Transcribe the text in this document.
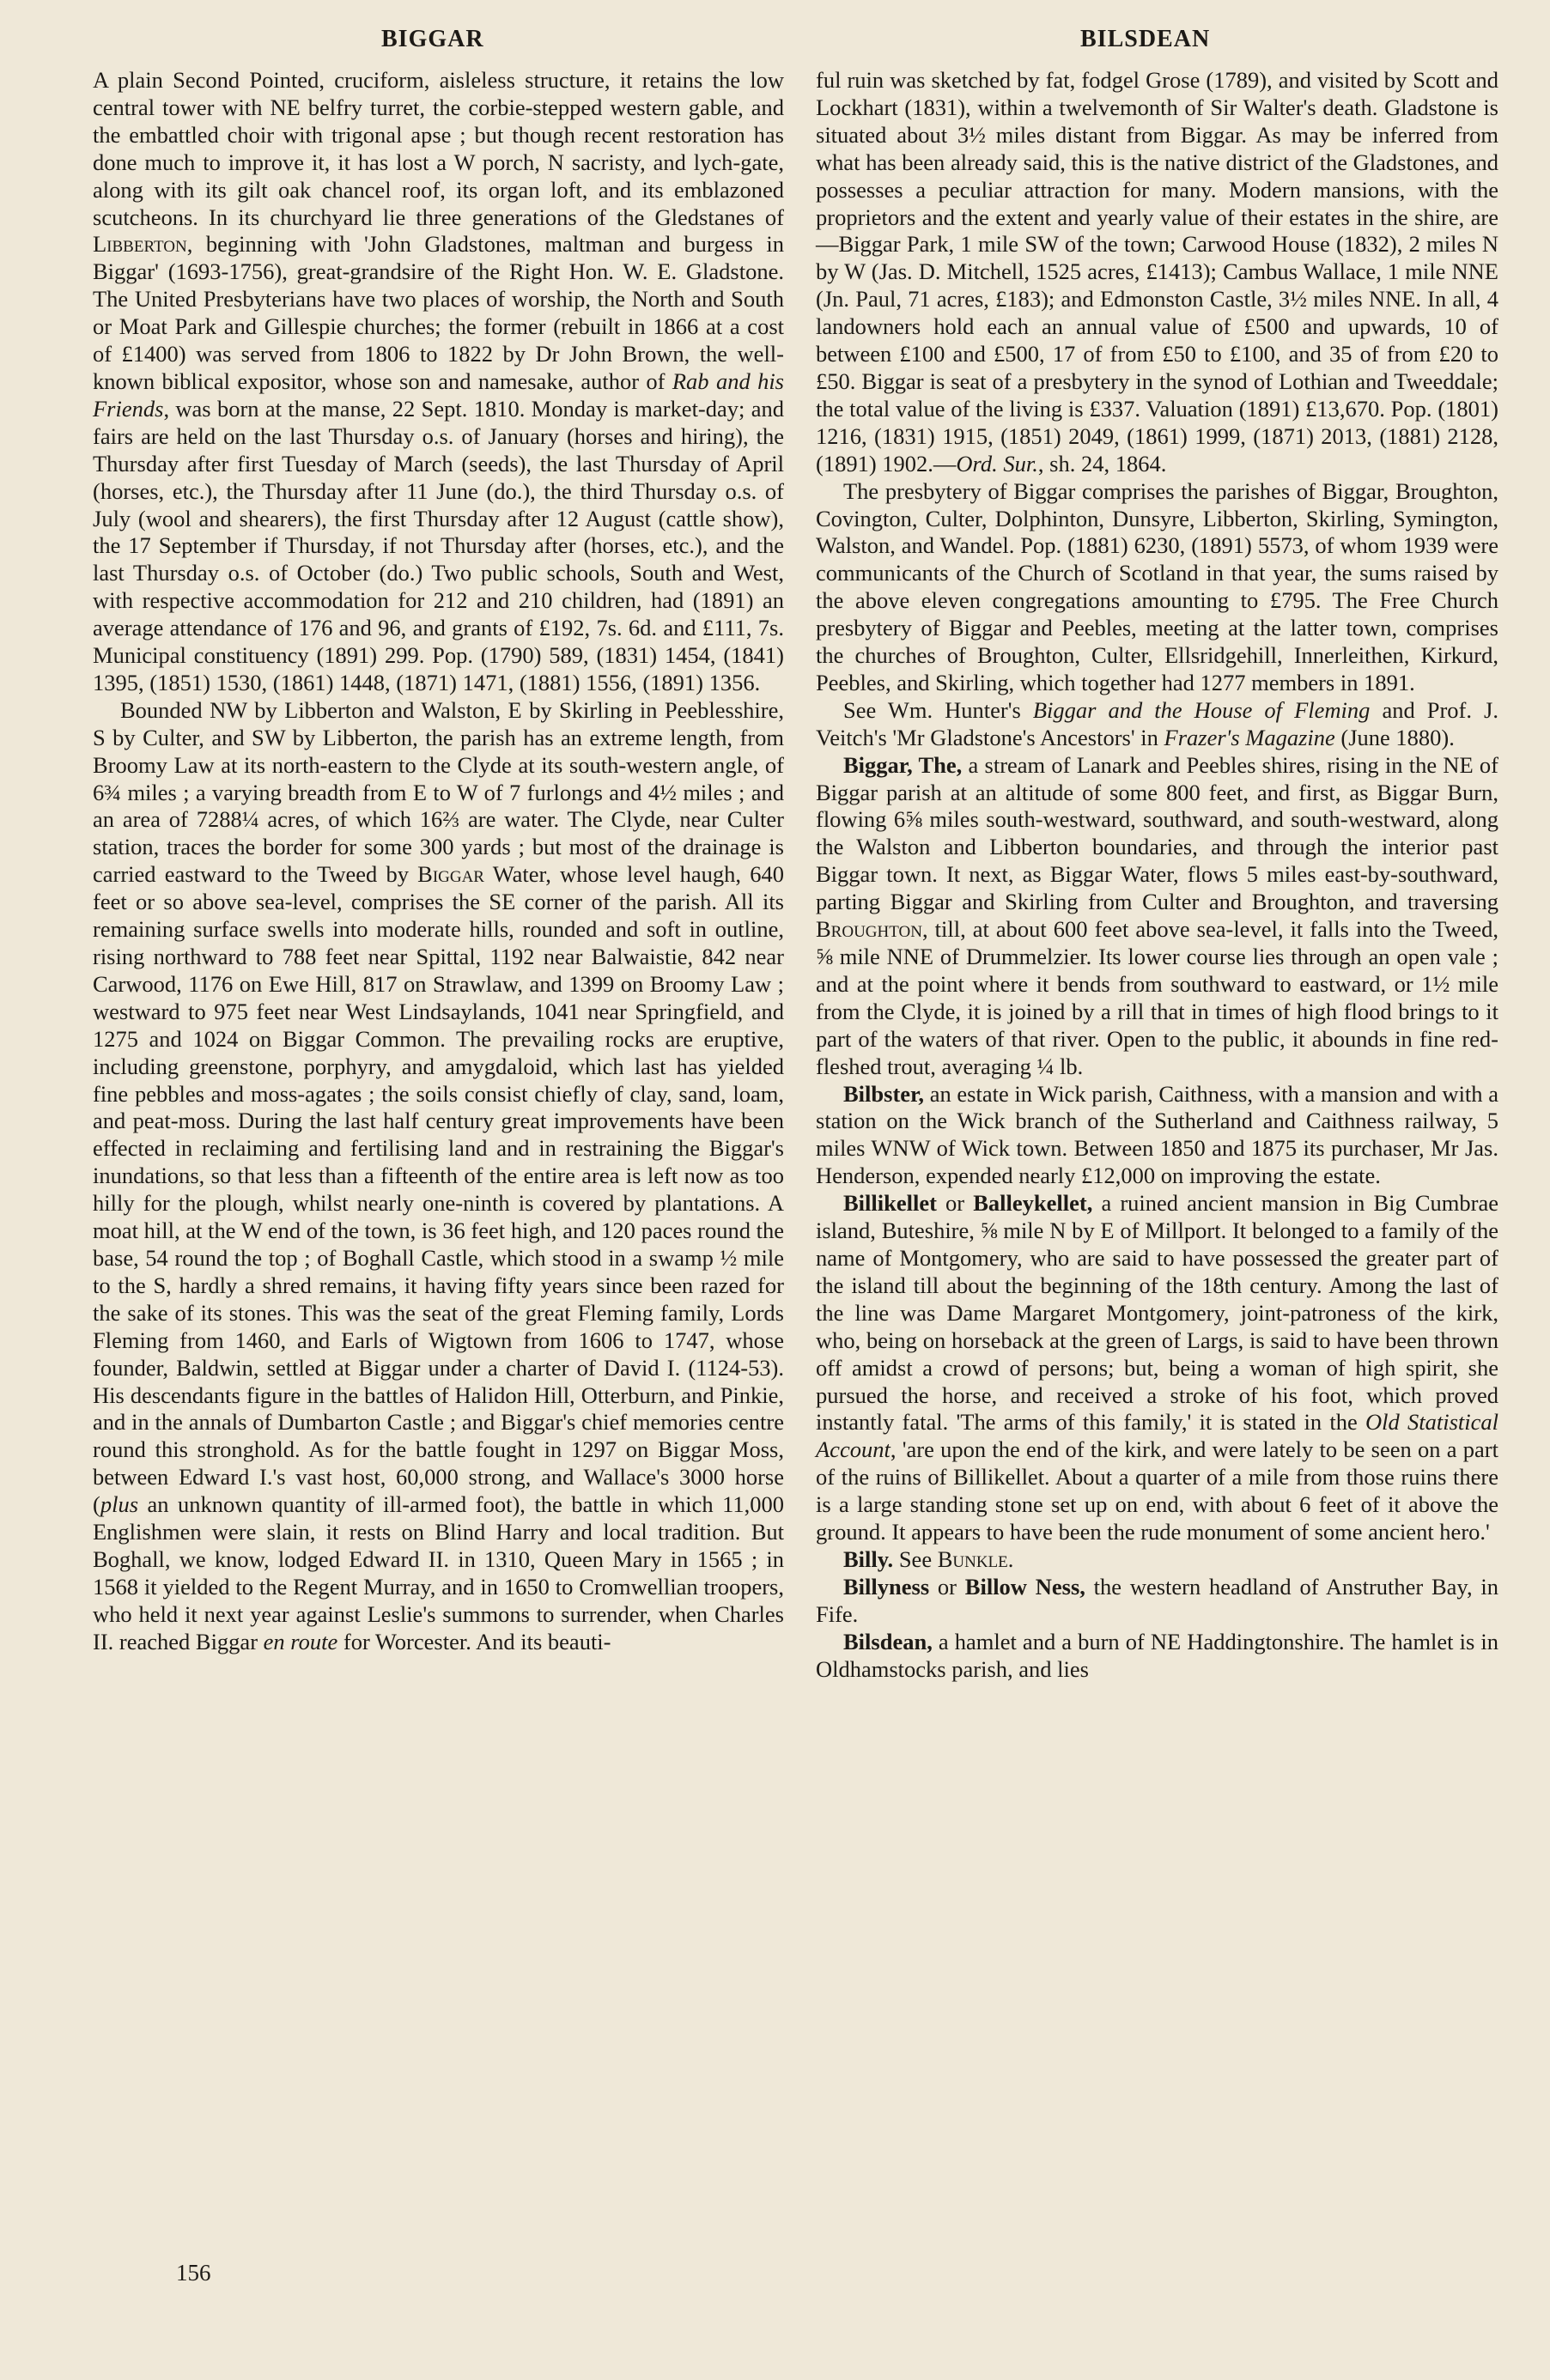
BIGGAR	BILSDEAN

A plain Second Pointed, cruciform, aisleless structure, it retains the low central tower with NE belfry turret, the corbie-stepped western gable, and the embattled choir with trigonal apse ; but though recent restoration has done much to improve it, it has lost a W porch, N sacristy, and lych-gate, along with its gilt oak chancel roof, its organ loft, and its emblazoned scutcheons. In its churchyard lie three generations of the Gledstanes of Libberton, beginning with 'John Gladstones, maltman and burgess in Biggar' (1693-1756), great-grandsire of the Right Hon. W. E. Gladstone. The United Presbyterians have two places of worship, the North and South or Moat Park and Gillespie churches; the former (rebuilt in 1866 at a cost of £1400) was served from 1806 to 1822 by Dr John Brown, the well-known biblical expositor, whose son and namesake, author of Rab and his Friends, was born at the manse, 22 Sept. 1810. Monday is market-day; and fairs are held on the last Thursday o.s. of January (horses and hiring), the Thursday after first Tuesday of March (seeds), the last Thursday of April (horses, etc.), the Thursday after 11 June (do.), the third Thursday o.s. of July (wool and shearers), the first Thursday after 12 August (cattle show), the 17 September if Thursday, if not Thursday after (horses, etc.), and the last Thursday o.s. of October (do.) Two public schools, South and West, with respective accommodation for 212 and 210 children, had (1891) an average attendance of 176 and 96, and grants of £192, 7s. 6d. and £111, 7s. Municipal constituency (1891) 299. Pop. (1790) 589, (1831) 1454, (1841) 1395, (1851) 1530, (1861) 1448, (1871) 1471, (1881) 1556, (1891) 1356.

Bounded NW by Libberton and Walston, E by Skirling in Peeblesshire, S by Culter, and SW by Libberton, the parish has an extreme length, from Broomy Law at its north-eastern to the Clyde at its south-western angle, of 6¾ miles ; a varying breadth from E to W of 7 furlongs and 4½ miles ; and an area of 7288¼ acres, of which 16⅔ are water. The Clyde, near Culter station, traces the border for some 300 yards ; but most of the drainage is carried eastward to the Tweed by Biggar Water, whose level haugh, 640 feet or so above sea-level, comprises the SE corner of the parish. All its remaining surface swells into moderate hills, rounded and soft in outline, rising northward to 788 feet near Spittal, 1192 near Balwaistie, 842 near Carwood, 1176 on Ewe Hill, 817 on Strawlaw, and 1399 on Broomy Law ; westward to 975 feet near West Lindsaylands, 1041 near Springfield, and 1275 and 1024 on Biggar Common. The prevailing rocks are eruptive, including greenstone, porphyry, and amygdaloid, which last has yielded fine pebbles and moss-agates ; the soils consist chiefly of clay, sand, loam, and peat-moss. During the last half century great improvements have been effected in reclaiming and fertilising land and in restraining the Biggar's inundations, so that less than a fifteenth of the entire area is left now as too hilly for the plough, whilst nearly one-ninth is covered by plantations. A moat hill, at the W end of the town, is 36 feet high, and 120 paces round the base, 54 round the top ; of Boghall Castle, which stood in a swamp ½ mile to the S, hardly a shred remains, it having fifty years since been razed for the sake of its stones. This was the seat of the great Fleming family, Lords Fleming from 1460, and Earls of Wigtown from 1606 to 1747, whose founder, Baldwin, settled at Biggar under a charter of David I. (1124-53). His descendants figure in the battles of Halidon Hill, Otterburn, and Pinkie, and in the annals of Dumbarton Castle ; and Biggar's chief memories centre round this stronghold. As for the battle fought in 1297 on Biggar Moss, between Edward I.'s vast host, 60,000 strong, and Wallace's 3000 horse (plus an unknown quantity of ill-armed foot), the battle in which 11,000 Englishmen were slain, it rests on Blind Harry and local tradition. But Boghall, we know, lodged Edward II. in 1310, Queen Mary in 1565 ; in 1568 it yielded to the Regent Murray, and in 1650 to Cromwellian troopers, who held it next year against Leslie's summons to surrender, when Charles II. reached Biggar en route for Worcester. And its beauti-

ful ruin was sketched by fat, fodgel Grose (1789), and visited by Scott and Lockhart (1831), within a twelvemonth of Sir Walter's death. Gladstone is situated about 3½ miles distant from Biggar. As may be inferred from what has been already said, this is the native district of the Gladstones, and possesses a peculiar attraction for many. Modern mansions, with the proprietors and the extent and yearly value of their estates in the shire, are—Biggar Park, 1 mile SW of the town; Carwood House (1832), 2 miles N by W (Jas. D. Mitchell, 1525 acres, £1413); Cambus Wallace, 1 mile NNE (Jn. Paul, 71 acres, £183); and Edmonston Castle, 3½ miles NNE. In all, 4 landowners hold each an annual value of £500 and upwards, 10 of between £100 and £500, 17 of from £50 to £100, and 35 of from £20 to £50. Biggar is seat of a presbytery in the synod of Lothian and Tweeddale; the total value of the living is £337. Valuation (1891) £13,670. Pop. (1801) 1216, (1831) 1915, (1851) 2049, (1861) 1999, (1871) 2013, (1881) 2128, (1891) 1902.—Ord. Sur., sh. 24, 1864.

The presbytery of Biggar comprises the parishes of Biggar, Broughton, Covington, Culter, Dolphinton, Dunsyre, Libberton, Skirling, Symington, Walston, and Wandel. Pop. (1881) 6230, (1891) 5573, of whom 1939 were communicants of the Church of Scotland in that year, the sums raised by the above eleven congregations amounting to £795. The Free Church presbytery of Biggar and Peebles, meeting at the latter town, comprises the churches of Broughton, Culter, Ellsridgehill, Innerleithen, Kirkurd, Peebles, and Skirling, which together had 1277 members in 1891.

See Wm. Hunter's Biggar and the House of Fleming and Prof. J. Veitch's 'Mr Gladstone's Ancestors' in Frazer's Magazine (June 1880).

Biggar, The, a stream of Lanark and Peebles shires, rising in the NE of Biggar parish at an altitude of some 800 feet, and first, as Biggar Burn, flowing 6⅝ miles south-westward, southward, and south-westward, along the Walston and Libberton boundaries, and through the interior past Biggar town. It next, as Biggar Water, flows 5 miles east-by-southward, parting Biggar and Skirling from Culter and Broughton, and traversing Broughton, till, at about 600 feet above sea-level, it falls into the Tweed, ⅝ mile NNE of Drummelzier. Its lower course lies through an open vale ; and at the point where it bends from southward to eastward, or 1½ mile from the Clyde, it is joined by a rill that in times of high flood brings to it part of the waters of that river. Open to the public, it abounds in fine red-fleshed trout, averaging ¼ lb.

Bilbster, an estate in Wick parish, Caithness, with a mansion and with a station on the Wick branch of the Sutherland and Caithness railway, 5 miles WNW of Wick town. Between 1850 and 1875 its purchaser, Mr Jas. Henderson, expended nearly £12,000 on improving the estate.

Billikellet or Balleykellet, a ruined ancient mansion in Big Cumbrae island, Buteshire, ⅝ mile N by E of Millport. It belonged to a family of the name of Montgomery, who are said to have possessed the greater part of the island till about the beginning of the 18th century. Among the last of the line was Dame Margaret Montgomery, joint-patroness of the kirk, who, being on horseback at the green of Largs, is said to have been thrown off amidst a crowd of persons; but, being a woman of high spirit, she pursued the horse, and received a stroke of his foot, which proved instantly fatal. 'The arms of this family,' it is stated in the Old Statistical Account, 'are upon the end of the kirk, and were lately to be seen on a part of the ruins of Billikellet. About a quarter of a mile from those ruins there is a large standing stone set up on end, with about 6 feet of it above the ground. It appears to have been the rude monument of some ancient hero.'

Billy. See Bunkle.

Billyness or Billow Ness, the western headland of Anstruther Bay, in Fife.

Bilsdean, a hamlet and a burn of NE Haddingtonshire. The hamlet is in Oldhamstocks parish, and lies

156
